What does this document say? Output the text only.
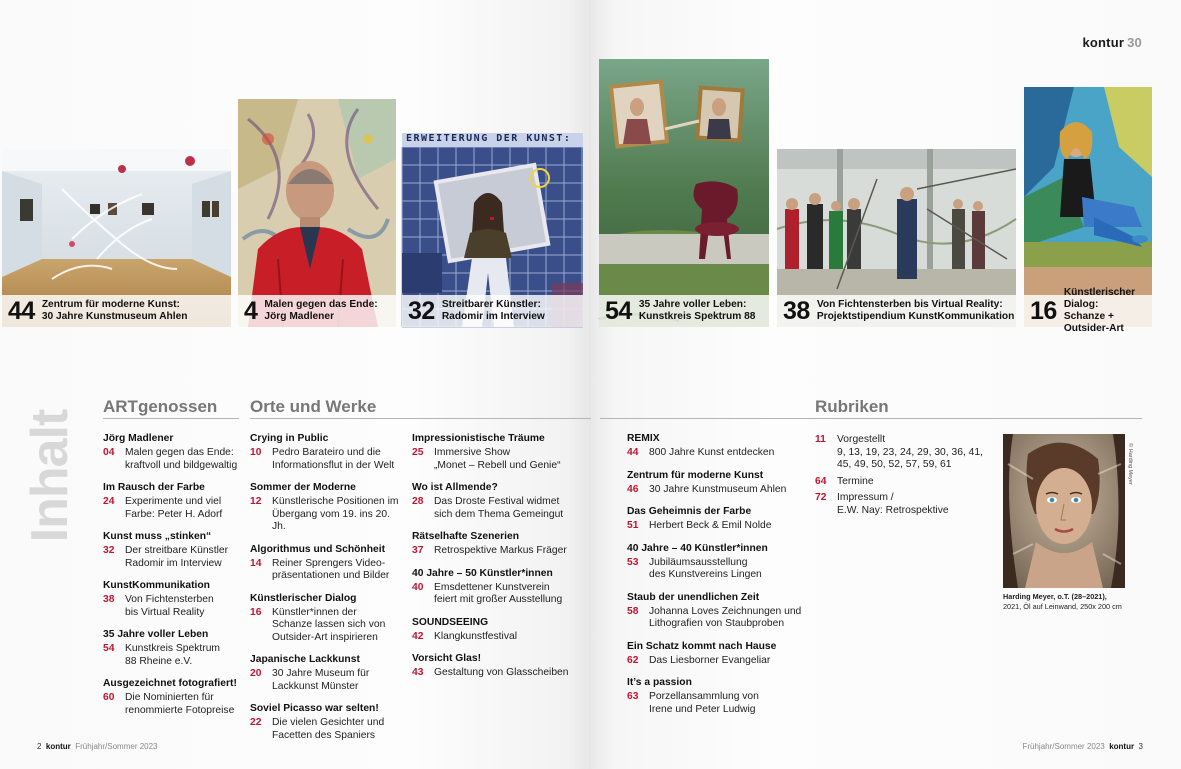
kontur 30
44 Zentrum für moderne Kunst:
30 Jahre Kunstmuseum Ahlen 4 Malen gegen das Ende:
Jörg Madlener
ERWEITERUNG DER KUNST:
32 Streitbarer Künstler:
Radomir im Interview 54 35 Jahre voller Leben:
Kunstkreis Spektrum 88 38 Von Fichtensterben bis Virtual Reality:
Projektstipendium KunstKommunikation 16
Künstlerischer Dialog:
Schanze + Outsider-Art
Inhalt
ARTgenossen Orte und Werke	Rubriken
Jörg Madlener
04	Malen gegen das Ende:
kraftvoll und bildgewaltig
Im Rausch der Farbe
24	Experimente und viel
Farbe: Peter H. Adorf
Kunst muss „stinken“
32	Der streitbare Künstler
Radomir im Interview
KunstKommunikation
38	Von Fichtensterben
bis Virtual Reality
35 Jahre voller Leben
54	Kunstkreis Spektrum
88 Rheine e.V.
Ausgezeichnet fotografiert!
60	Die Nominierten für
renommierte Fotopreise
Crying in Public
10	Pedro Barateiro und die
Informationsflut in der Welt
Sommer der Moderne
12	Künstlerische Positionen im
Übergang vom 19. ins 20. Jh.
Algorithmus und Schönheit
14	Reiner Sprengers Video-
präsentationen und Bilder
Künstlerischer Dialog
16	Künstler*innen der
Schanze lassen sich von
Outsider-Art inspirieren
Japanische Lackkunst
20	30 Jahre Museum für
Lackkunst Münster
Soviel Picasso war selten!
22	Die vielen Gesichter und
Facetten des Spaniers
Impressionistische Träume
25	Immersive Show
„Monet – Rebell und Genie“
Wo ist Allmende?
28	Das Droste Festival widmet
sich dem Thema Gemeingut
Rätselhafte Szenerien
37	Retrospektive Markus Fräger
40 Jahre – 50 Künstler*innen
40	Emsdettener Kunstverein
feiert mit großer Ausstellung
SOUNDSEEING
42	Klangkunstfestival
Vorsicht Glas!
43	Gestaltung von Glasscheiben
REMIX
44	800 Jahre Kunst entdecken
Zentrum für moderne Kunst
46	30 Jahre Kunstmuseum Ahlen
Das Geheimnis der Farbe
51	Herbert Beck & Emil Nolde
40 Jahre – 40 Künstler*innen
53	Jubiläumsausstellung
des Kunstvereins Lingen
Staub der unendlichen Zeit
58	Johanna Loves Zeichnungen und
Lithografien von Staubproben
Ein Schatz kommt nach Hause
62	Das Liesborner Evangeliar
It’s a passion
63	Porzellansammlung von
Irene und Peter Ludwig
11	Vorgestellt
9, 13, 19, 23, 24, 29, 30, 36, 41,
45, 49, 50, 52, 57, 59, 61
64	Termine
72	Impressum /
E.W. Nay: Retrospektive
© Harding Meyer
Harding Meyer, o.T. (28–2021),
2021, Öl auf Leinwand, 250x 200 cm
2 kontur Frühjahr/Sommer 2023	Frühjahr/Sommer 2023 kontur 3
